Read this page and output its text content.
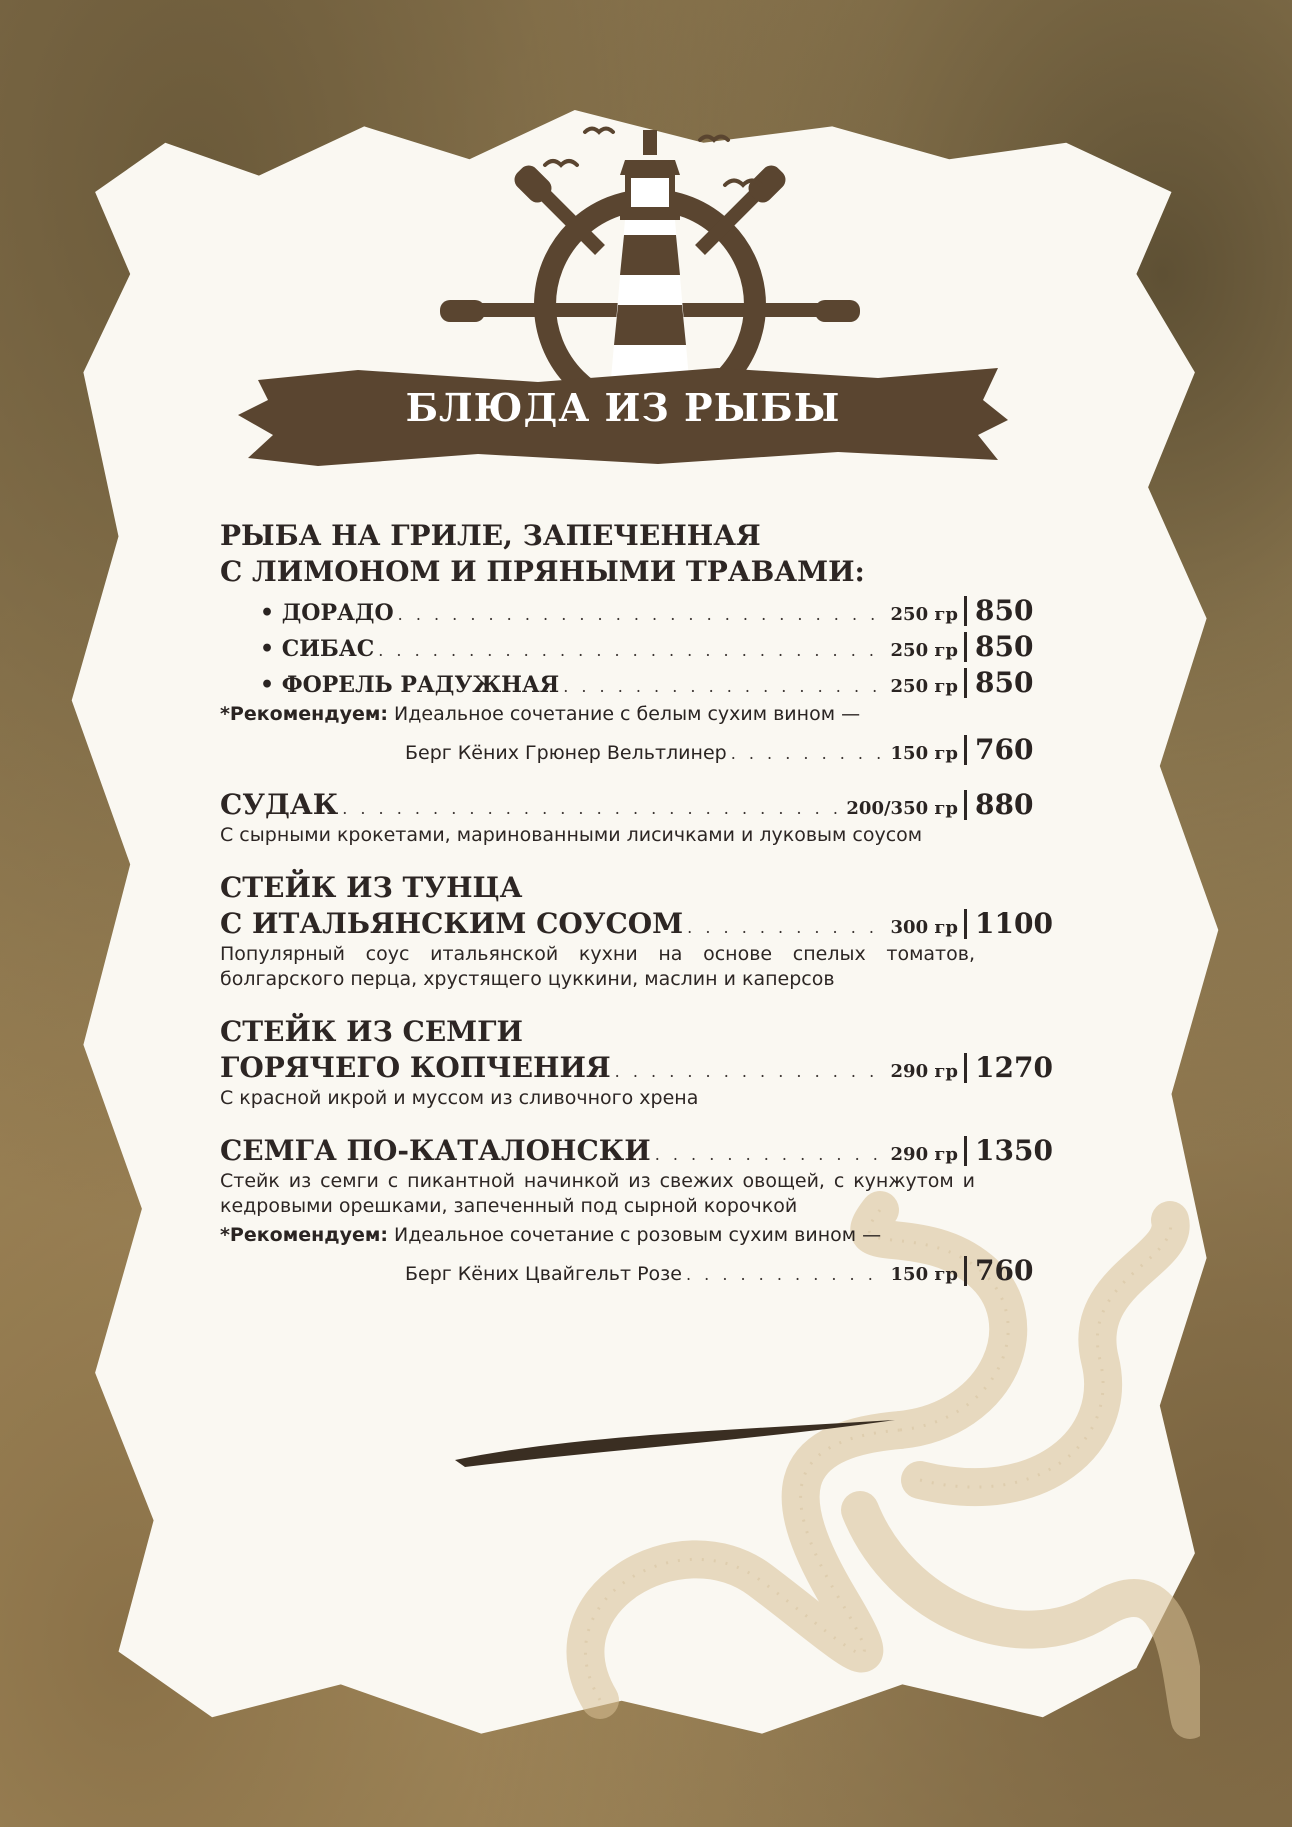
БЛЮДА ИЗ РЫБЫ
РЫБА НА ГРИЛЕ, ЗАПЕЧЕННАЯ
С ЛИМОНОМ И ПРЯНЫМИ ТРАВАМИ:
• ДОРАДО . . .	250 гр 850
• СИБАС . . .	250 гр 850
• ФОРЕЛЬ РАДУЖНАЯ . . .	250 гр 850
*Рекомендуем: Идеальное сочетание с белым сухим вином —
Берг Кёних Грюнер Вельтлинер . . .	150 гр 760
СУДАК . . .	200/350 гр 880
С сырными крокетами, маринованными лисичками и луковым соусом
СТЕЙК ИЗ ТУНЦА
С ИТАЛЬЯНСКИМ СОУСОМ . . .	300 гр 1100
Популярный соус итальянской кухни на основе спелых томатов, болгарского перца, хрустящего цуккини, маслин и каперсов
СТЕЙК ИЗ СЕМГИ
ГОРЯЧЕГО КОПЧЕНИЯ . . .	290 гр 1270
С красной икрой и муссом из сливочного хрена
СЕМГА ПО-КАТАЛОНСКИ . . .	290 гр 1350
Стейк из семги с пикантной начинкой из свежих овощей, с кунжутом и кедровыми орешками, запеченный под сырной корочкой
*Рекомендуем: Идеальное сочетание с розовым сухим вином —
Берг Кёних Цвайгельт Розе . . .	150 гр 760
